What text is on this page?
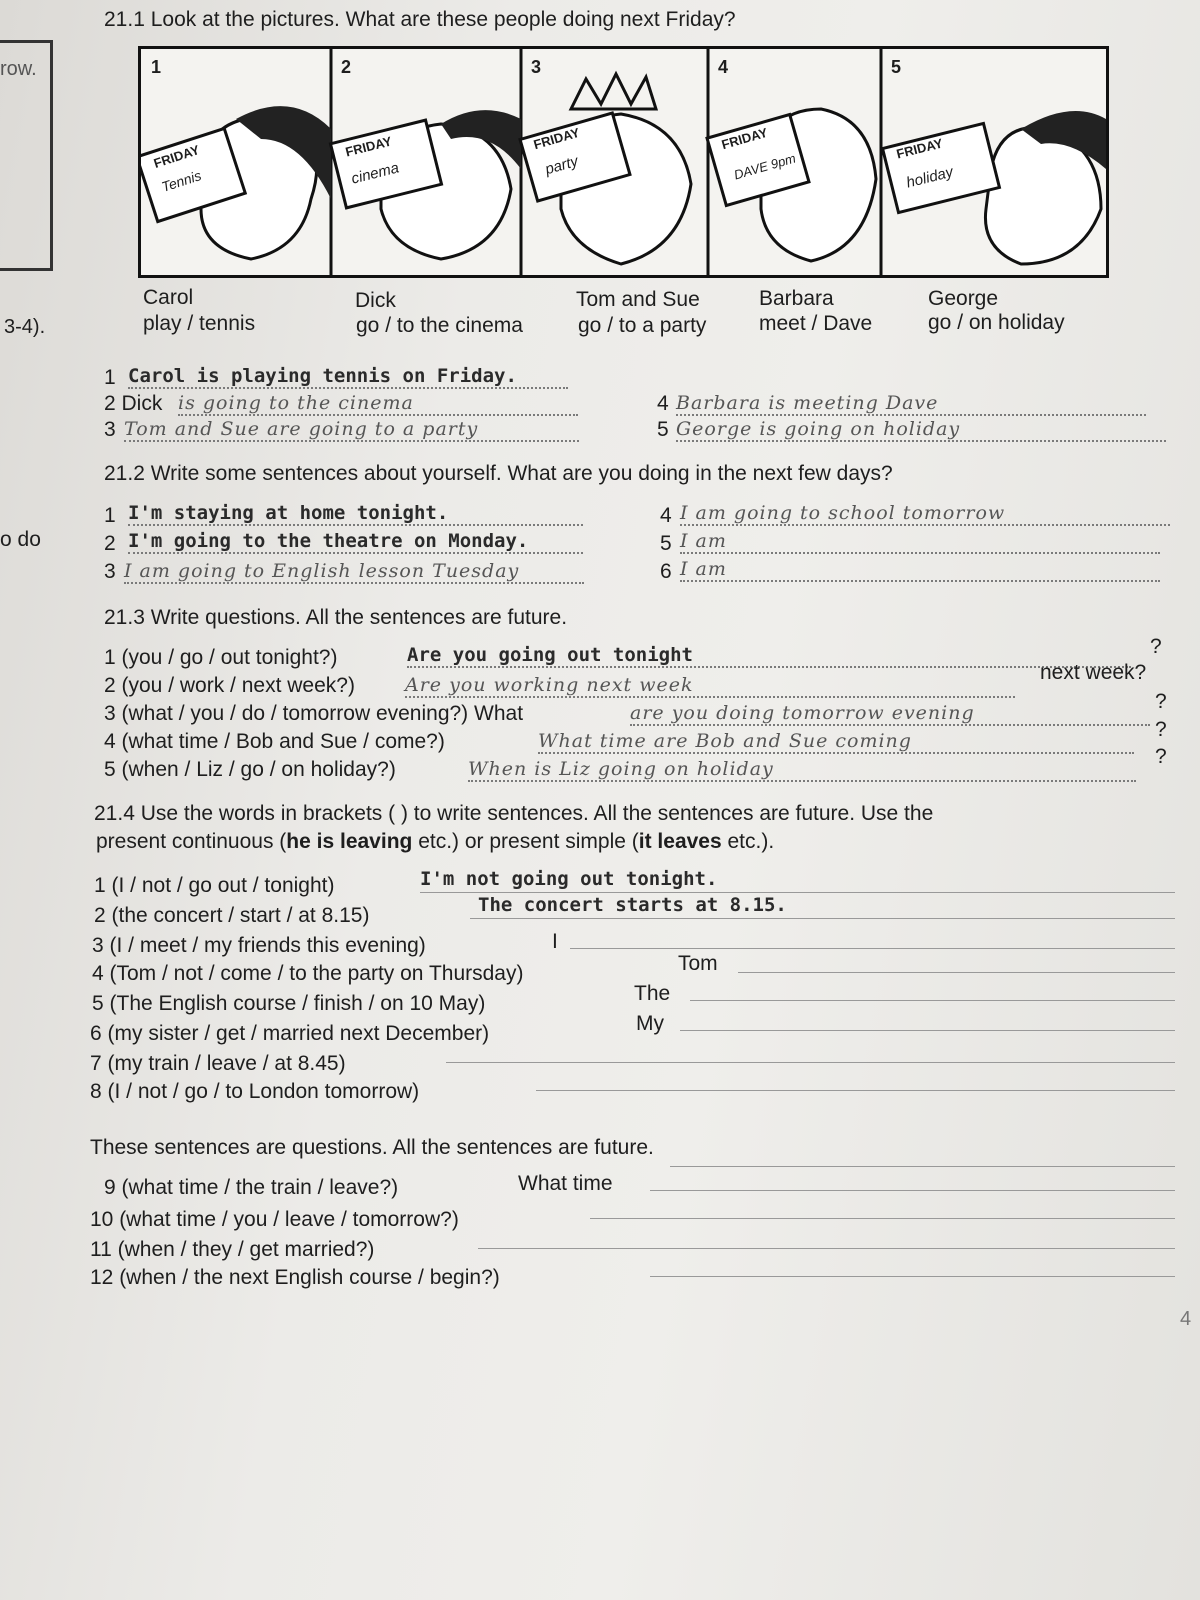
row.
3-4).
o do
21.1 Look at the pictures. What are these people doing next Friday?
1	2	3	4	5
FRIDAY
Tennis
FRIDAY
cinema
FRIDAY
party
FRIDAY
DAVE 9pm
FRIDAY
holiday
Carol
play / tennis
Dick
go / to the cinema
Tom and Sue
go / to a party
Barbara
meet / Dave
George
go / on holiday
1 Carol is playing tennis on Friday.
2 Dick is going to the cinema
3 Tom and Sue are going to a party
4 Barbara is meeting Dave
5 George is going on holiday
21.2 Write some sentences about yourself. What are you doing in the next few days?
1 I'm staying at home tonight.
2 I'm going to the theatre on Monday.
3 I am going to English lesson Tuesday
4 I am going to school tomorrow
5 I am
6 I am
21.3 Write questions. All the sentences are future.
1 (you / go / out tonight?)	Are you going out tonight	?
2 (you / work / next week?)	Are you working next week
next week?
3 (what / you / do / tomorrow evening?) What	are you doing tomorrow evening	?
4 (what time / Bob and Sue / come?)	What time are Bob and Sue coming	?
5 (when / Liz / go / on holiday?)	When is Liz going on holiday
?
21.4 Use the words in brackets ( ) to write sentences. All the sentences are future. Use the
present continuous (he is leaving etc.) or present simple (it leaves etc.).
1 (I / not / go out / tonight)	I'm not going out tonight.
2 (the concert / start / at 8.15)	The concert starts at 8.15.
3 (I / meet / my friends this evening)	I
4 (Tom / not / come / to the party on Thursday)	Tom
5 (The English course / finish / on 10 May)	The
6 (my sister / get / married next December)	My
7 (my train / leave / at 8.45)
8 (I / not / go / to London tomorrow)
These sentences are questions. All the sentences are future.
9 (what time / the train / leave?)	What time
10 (what time / you / leave / tomorrow?)
11 (when / they / get married?)
12 (when / the next English course / begin?)
4
